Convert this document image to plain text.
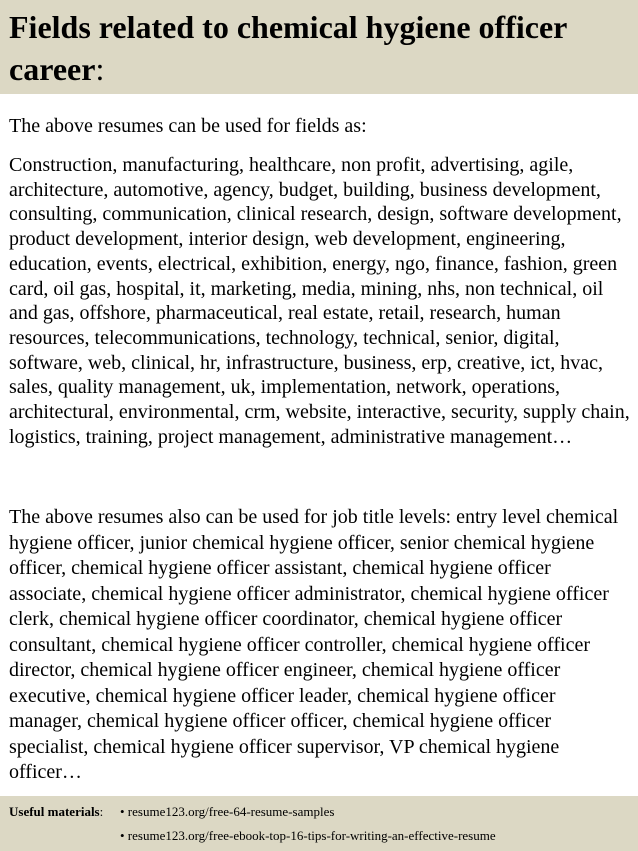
Fields related to chemical hygiene officer career:

The above resumes can be used for fields as:

Construction, manufacturing, healthcare, non profit, advertising, agile, architecture, automotive, agency, budget, building, business development, consulting, communication, clinical research, design, software development, product development, interior design, web development, engineering, education, events, electrical, exhibition, energy, ngo, finance, fashion, green card, oil gas, hospital, it, marketing, media, mining, nhs, non technical, oil and gas, offshore, pharmaceutical, real estate, retail, research, human resources, telecommunications, technology, technical, senior, digital, software, web, clinical, hr, infrastructure, business, erp, creative, ict, hvac, sales, quality management, uk, implementation, network, operations, architectural, environmental, crm, website, interactive, security, supply chain, logistics, training, project management, administrative management…

The above resumes also can be used for job title levels: entry level chemical hygiene officer, junior chemical hygiene officer, senior chemical hygiene officer, chemical hygiene officer assistant, chemical hygiene officer associate, chemical hygiene officer administrator, chemical hygiene officer clerk, chemical hygiene officer coordinator, chemical hygiene officer consultant, chemical hygiene officer controller, chemical hygiene officer director, chemical hygiene officer engineer, chemical hygiene officer executive, chemical hygiene officer leader, chemical hygiene officer manager, chemical hygiene officer officer, chemical hygiene officer specialist, chemical hygiene officer supervisor, VP chemical hygiene officer…

Useful materials: • resume123.org/free-64-resume-samples
• resume123.org/free-ebook-top-16-tips-for-writing-an-effective-resume
